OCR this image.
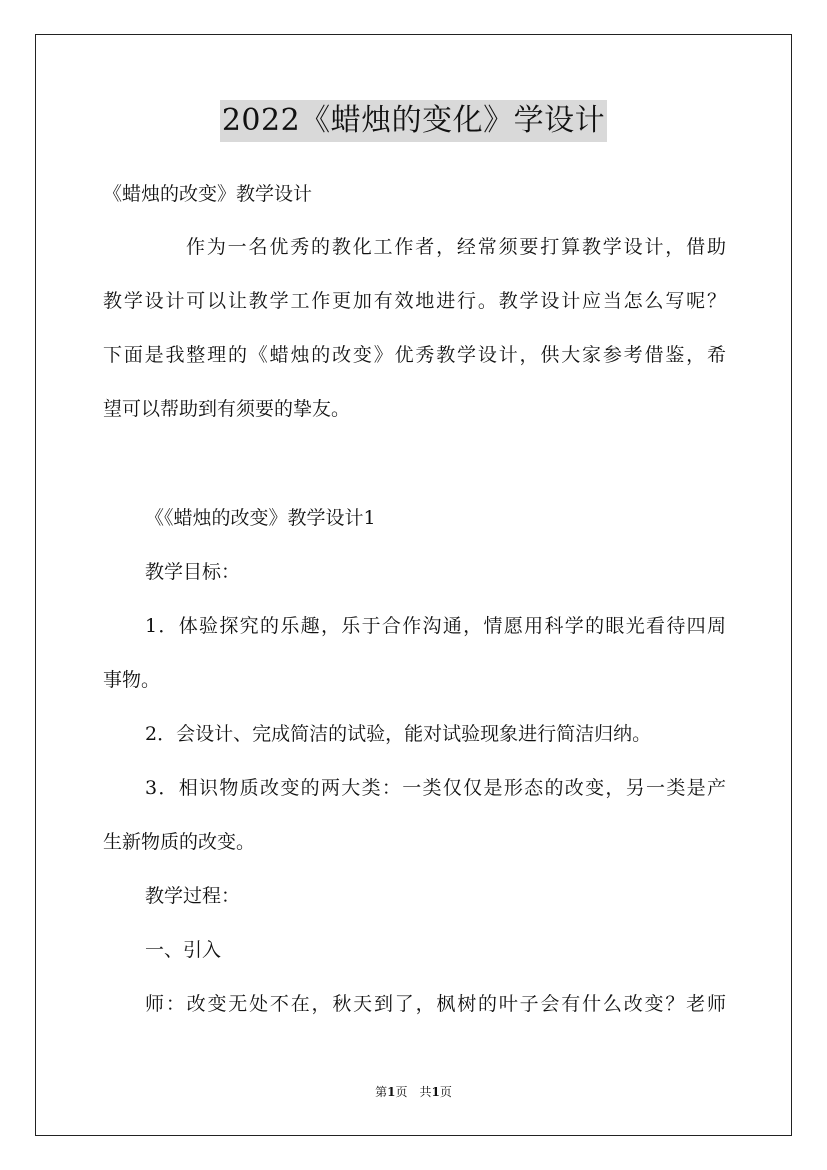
2022《蜡烛的变化》学设计
《蜡烛的改变》教学设计
作为一名优秀的教化工作者，经常须要打算教学设计，借助
教学设计可以让教学工作更加有效地进行。教学设计应当怎么写呢？
下面是我整理的《蜡烛的改变》优秀教学设计，供大家参考借鉴，希
望可以帮助到有须要的挚友。
《《蜡烛的改变》教学设计1
教学目标：
1．体验探究的乐趣，乐于合作沟通，情愿用科学的眼光看待四周
事物。
2．会设计、完成简洁的试验，能对试验现象进行简洁归纳。
3．相识物质改变的两大类：一类仅仅是形态的改变，另一类是产
生新物质的改变。
教学过程：
一、引入
师：改变无处不在，秋天到了，枫树的叶子会有什么改变？老师
第1页　共1页
